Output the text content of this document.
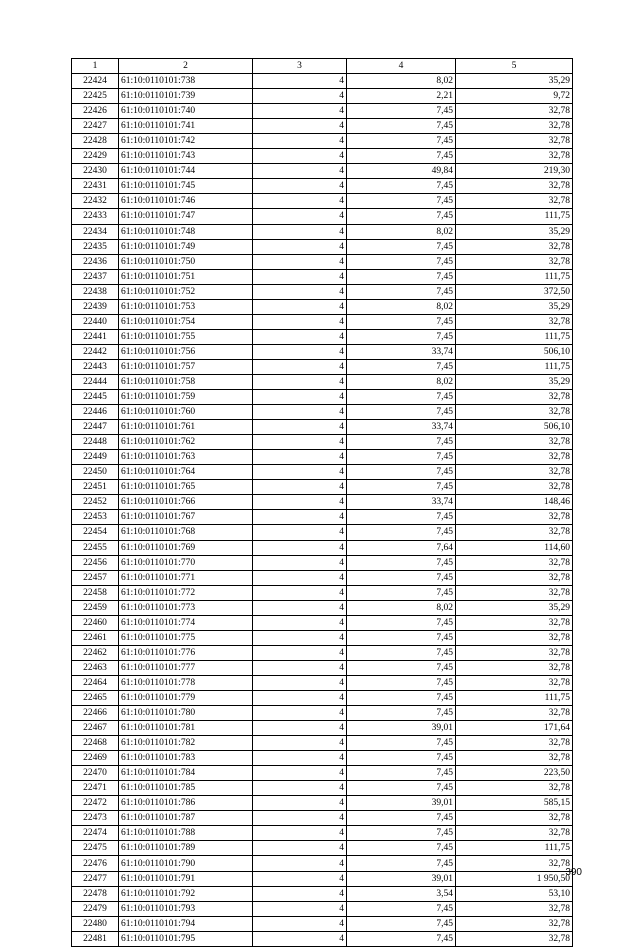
1	2	3	4	5
22424	61:10:0110101:738	4	8,02	35,29
22425	61:10:0110101:739	4	2,21	9,72
22426	61:10:0110101:740	4	7,45	32,78
22427	61:10:0110101:741	4	7,45	32,78
22428	61:10:0110101:742	4	7,45	32,78
22429	61:10:0110101:743	4	7,45	32,78
22430	61:10:0110101:744	4	49,84	219,30
22431	61:10:0110101:745	4	7,45	32,78
22432	61:10:0110101:746	4	7,45	32,78
22433	61:10:0110101:747	4	7,45	111,75
22434	61:10:0110101:748	4	8,02	35,29
22435	61:10:0110101:749	4	7,45	32,78
22436	61:10:0110101:750	4	7,45	32,78
22437	61:10:0110101:751	4	7,45	111,75
22438	61:10:0110101:752	4	7,45	372,50
22439	61:10:0110101:753	4	8,02	35,29
22440	61:10:0110101:754	4	7,45	32,78
22441	61:10:0110101:755	4	7,45	111,75
22442	61:10:0110101:756	4	33,74	506,10
22443	61:10:0110101:757	4	7,45	111,75
22444	61:10:0110101:758	4	8,02	35,29
22445	61:10:0110101:759	4	7,45	32,78
22446	61:10:0110101:760	4	7,45	32,78
22447	61:10:0110101:761	4	33,74	506,10
22448	61:10:0110101:762	4	7,45	32,78
22449	61:10:0110101:763	4	7,45	32,78
22450	61:10:0110101:764	4	7,45	32,78
22451	61:10:0110101:765	4	7,45	32,78
22452	61:10:0110101:766	4	33,74	148,46
22453	61:10:0110101:767	4	7,45	32,78
22454	61:10:0110101:768	4	7,45	32,78
22455	61:10:0110101:769	4	7,64	114,60
22456	61:10:0110101:770	4	7,45	32,78
22457	61:10:0110101:771	4	7,45	32,78
22458	61:10:0110101:772	4	7,45	32,78
22459	61:10:0110101:773	4	8,02	35,29
22460	61:10:0110101:774	4	7,45	32,78
22461	61:10:0110101:775	4	7,45	32,78
22462	61:10:0110101:776	4	7,45	32,78
22463	61:10:0110101:777	4	7,45	32,78
22464	61:10:0110101:778	4	7,45	32,78
22465	61:10:0110101:779	4	7,45	111,75
22466	61:10:0110101:780	4	7,45	32,78
22467	61:10:0110101:781	4	39,01	171,64
22468	61:10:0110101:782	4	7,45	32,78
22469	61:10:0110101:783	4	7,45	32,78
22470	61:10:0110101:784	4	7,45	223,50
22471	61:10:0110101:785	4	7,45	32,78
22472	61:10:0110101:786	4	39,01	585,15
22473	61:10:0110101:787	4	7,45	32,78
22474	61:10:0110101:788	4	7,45	32,78
22475	61:10:0110101:789	4	7,45	111,75
22476	61:10:0110101:790	4	7,45	32,78
22477	61:10:0110101:791	4	39,01	1 950,50
22478	61:10:0110101:792	4	3,54	53,10
22479	61:10:0110101:793	4	7,45	32,78
22480	61:10:0110101:794	4	7,45	32,78
22481	61:10:0110101:795	4	7,45	32,78
390
